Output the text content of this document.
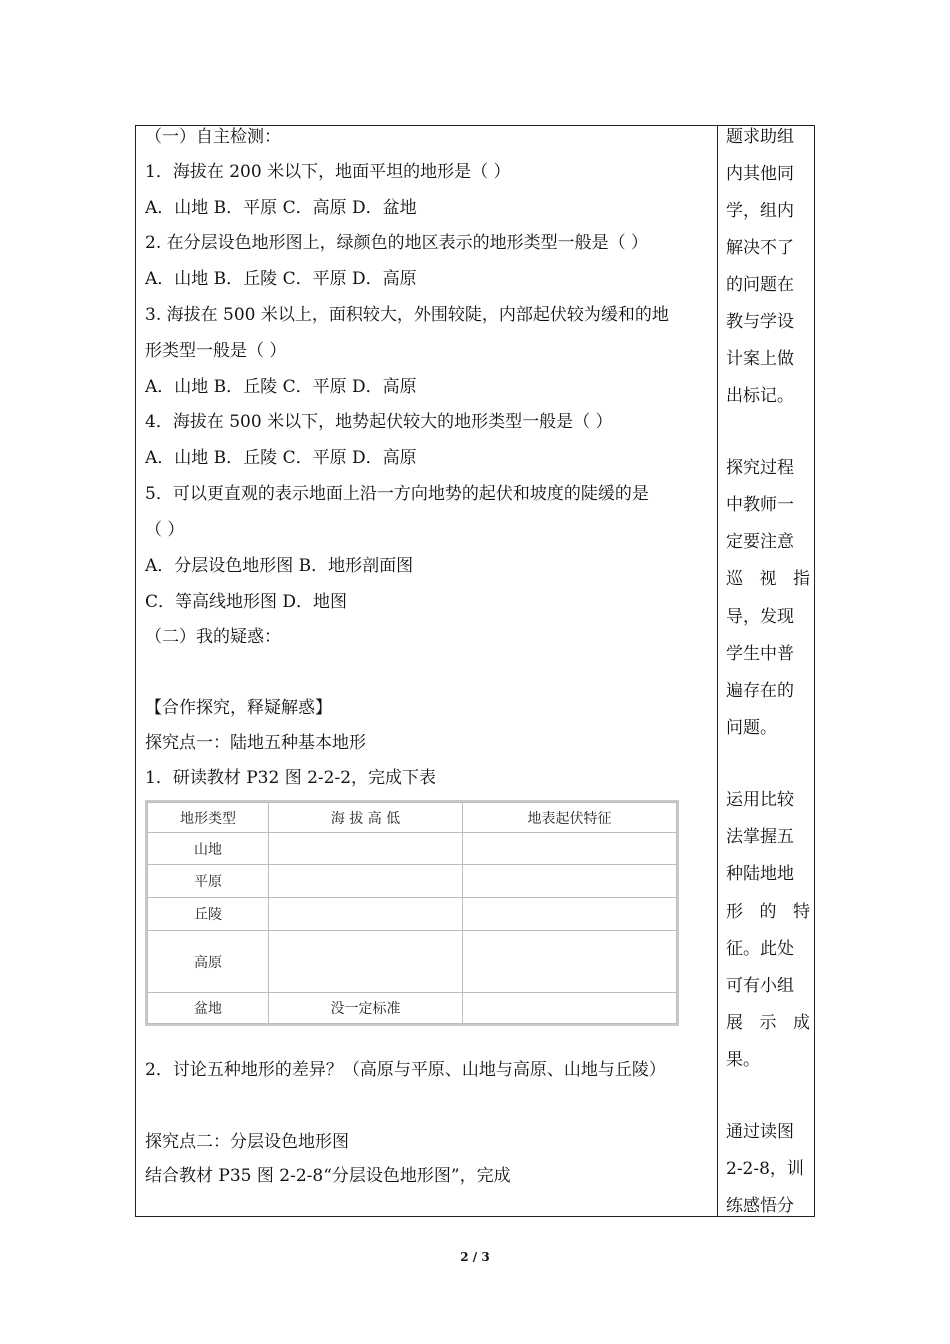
（一）自主检测：
1．海拔在 200 米以下，地面平坦的地形是（ ）
A．山地 B．平原 C．高原 D．盆地
2. 在分层设色地形图上，绿颜色的地区表示的地形类型一般是（ ）
A．山地 B．丘陵 C．平原 D．高原
3. 海拔在 500 米以上，面积较大，外围较陡，内部起伏较为缓和的地
形类型一般是（ ）
A．山地 B．丘陵 C．平原 D．高原
4．海拔在 500 米以下，地势起伏较大的地形类型一般是（ ）
A．山地 B．丘陵 C．平原 D．高原
5．可以更直观的表示地面上沿一方向地势的起伏和坡度的陡缓的是
（ ）
A．分层设色地形图 B．地形剖面图
C．等高线地形图 D．地图
（二）我的疑惑：
【合作探究，释疑解惑】
探究点一：陆地五种基本地形
1．研读教材 P32 图 2-2-2，完成下表
2．讨论五种地形的差异？（高原与平原、山地与高原、山地与丘陵）
探究点二：分层设色地形图
结合教材 P35 图 2-2-8“分层设色地形图”，完成
地形类型	海 拔 高 低	地表起伏特征
山地		
平原		
丘陵		
高原		
盆地	没一定标准	
题求助组
内其他同
学，组内
解决不了
的问题在
教与学设
计案上做
出标记。
探究过程
中教师一
定要注意
巡 视 指
导，发现
学生中普
遍存在的
问题。
运用比较
法掌握五
种陆地地
形 的 特
征。此处
可有小组
展 示 成
果。
通过读图
2-2-8，训
练感悟分
2 / 3
